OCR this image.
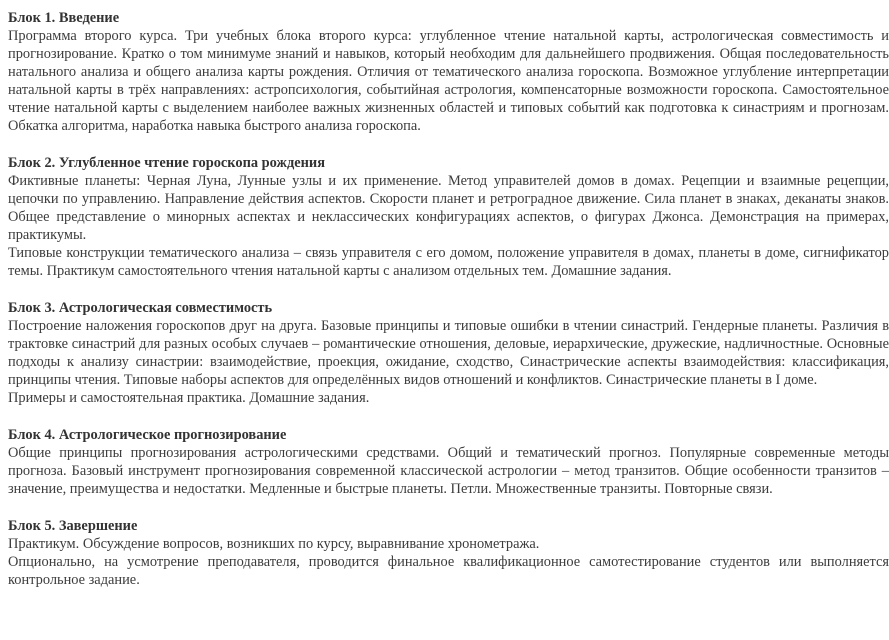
Блок 1. Введение

Программа второго курса. Три учебных блока второго курса: углубленное чтение натальной карты, астрологическая совместимость и прогнозирование. Кратко о том минимуме знаний и навыков, который необходим для дальнейшего продвижения. Общая последовательность натального анализа и общего анализа карты рождения. Отличия от тематического анализа гороскопа. Возможное углубление интерпретации натальной карты в трёх направлениях: астропсихология, событийная астрология, компенсаторные возможности гороскопа. Самостоятельное чтение натальной карты с выделением наиболее важных жизненных областей и типовых событий как подготовка к синастриям и прогнозам. Обкатка алгоритма, наработка навыка быстрого анализа гороскопа.

Блок 2. Углубленное чтение гороскопа рождения

Фиктивные планеты: Черная Луна, Лунные узлы и их применение. Метод управителей домов в домах. Рецепции и взаимные рецепции, цепочки по управлению. Направление действия аспектов. Скорости планет и ретроградное движение. Сила планет в знаках, деканаты знаков. Общее представление о минорных аспектах и неклассических конфигурациях аспектов, о фигурах Джонса. Демонстрация на примерах, практикумы.

Типовые конструкции тематического анализа – связь управителя с его домом, положение управителя в домах, планеты в доме, сигнификатор темы. Практикум самостоятельного чтения натальной карты с анализом отдельных тем. Домашние задания.

Блок 3. Астрологическая совместимость

Построение наложения гороскопов друг на друга. Базовые принципы и типовые ошибки в чтении синастрий. Гендерные планеты. Различия в трактовке синастрий для разных особых случаев – романтические отношения, деловые, иерархические, дружеские, надличностные. Основные подходы к анализу синастрии: взаимодействие, проекция, ожидание, сходство, Синастрические аспекты взаимодействия: классификация, принципы чтения. Типовые наборы аспектов для определённых видов отношений и конфликтов. Синастрические планеты в I доме.

Примеры и самостоятельная практика. Домашние задания.

Блок 4. Астрологическое прогнозирование

Общие принципы прогнозирования астрологическими средствами. Общий и тематический прогноз. Популярные современные методы прогноза. Базовый инструмент прогнозирования современной классической астрологии – метод транзитов. Общие особенности транзитов – значение, преимущества и недостатки. Медленные и быстрые планеты. Петли. Множественные транзиты. Повторные связи.

Блок 5. Завершение

Практикум. Обсуждение вопросов, возникших по курсу, выравнивание хронометража.

Опционально, на усмотрение преподавателя, проводится финальное квалификационное самотестирование студентов или выполняется контрольное задание.
